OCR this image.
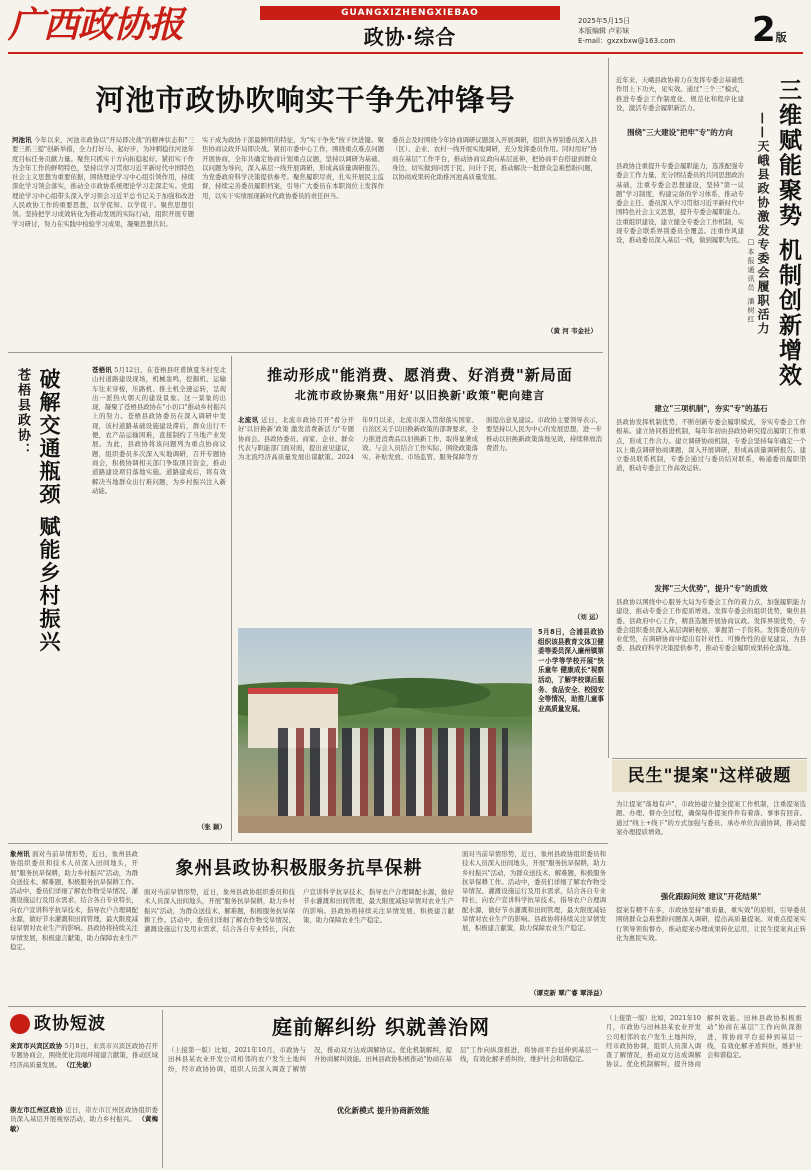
广西政协报	GUANGXIZHENGXIEBAO
政协·综合
2025年5月15日
本版编辑 卢彩妹
E-mail：gxzxbxw@163.com	2版
河池市政协吹响实干争先冲锋号
河池讯 今年以来，河池市政协以"开局即决战"的精神状态和"三要三抓三提"创新举措，全力打好马、起好步，为冲刺稳住河池年度目标任务贡献力量。聚焦只抓实干方向拓稳起好。紧扣实干作为全年工作的鲜明特色，坚持以学习贯彻习近平新时代中国特色社会主义思想为重要依据，围绕理论学习中心组引领作用，持续深化学习领会落实，推动全市政协系统理论学习走深走实。党组理论学习中心组带头深入学习领会习近平总书记关于加强和改进人民政协工作的重要思想，以学促知、以学促干。聚焦思想引领。坚持把学习成效转化为推动发展的实际行动，组织开展专题学习研讨，努力在实践中检验学习成果，凝聚思想共识。
实干成为政协干部最鲜明的特征，为"实干争先"按下快进键。聚焦协商议政开局即决战。紧扣市委中心工作，围绕重点难点问题开展协商，全年共确定协商计划重点议题，坚持以调研为基础、以问题为导向，深入基层一线开展调研，形成高质量调研报告，为党委政府科学决策提供参考。聚焦履职尽责，扎实开展民主监督，持续完善委员履职档案，引导广大委员在本职岗位上发挥作用，以实干实绩展现新时代政协委员的责任担当。
委员会及时围绕今年协商调研议题深入开展调研，组织各界别委员深入县（区）、企业、农村一线开展实地调研，充分发挥委员作用。同时用好"协商在基层"工作平台，推动协商议政向基层延伸，把协商平台搭建到群众身边，切实做到问需于民、问计于民，推动解决一批群众急难愁盼问题，以协商成果转化助推河池高质量发展。
（黄 河 韦金社）
近年来，天峨县政协着力在发挥专委会基础性作用上下功夫，见实效。通过"三个三"模式，推进专委会工作制度化、规范化和程序化建设，激活专委会履职新活力。	三维赋能聚势 机制创新增效
——天峨县政协激发专委会履职活力
□本报通讯员 潘树红
围绕"三大建设"把牢"专"的方向
县政协注重提升专委会履职能力，选准配强专委会工作力量，充分团结委员的共同思想政治基础，注重专委会思想建设，坚持"第一议题"学习制度，构建完备的学习体系，推动专委会主任、委员深入学习贯彻习近平新时代中国特色社会主义思想，提升专委会履职能力。注重组织建设，建立健全专委会工作机制，实现专委会联系界别委员全覆盖。注重作风建设，推动委员深入基层一线，做到履职为民。
建立"三项机制"，夯实"专"的基石
县政协发挥机制优势，不断创新专委会履职模式，夯实专委会工作根基。建立协同推进机制，每年年初由县政协研究提出履职工作重点，形成工作合力。建立调研协商机制，专委会坚持每年确定一个以上重点调研协商课题，深入开展调研，形成高质量调研报告。建立委员联系机制，专委会通过与委员结对联系，畅通委员履职渠道，推动专委会工作高效运转。
发挥"三大优势"，提升"专"的质效
县政协以围绕中心服务大局为专委会工作的着力点，加强履职能力建设，推动专委会工作提质增效。发挥专委会的组织优势，聚焦县委、县政府中心工作，精准选题开展协商议政。发挥界别优势，专委会组织委员深入基层调研视察，掌握第一手资料。发挥委员的专业优势，在调研协商中提出有针对性、可操作性的意见建议，为县委、县政府科学决策提供参考，推动专委会履职成果转化落地。
破解交通瓶颈 赋能乡村振兴
苍梧县政协：	苍梧讯 5月12日，在苍梧县旺甫镇夏冬村至北山村道路建设现场，机械轰鸣，挖掘机、运输车往来穿梭，压路机、推土机全速运转，呈现出一派热火朝天的建设景象。这一景象的出现，凝聚了苍梧县政协在"小切口"推动乡村振兴上的努力。苍梧县政协委员在深入调研中发现，该村道路基础设施建设滞后，群众出行不便，农产品运输困难，直接制约了当地产业发展。为此，县政协将该问题列为重点协商议题，组织委员多次深入实地调研，召开专题协商会，积极协调相关部门争取项目资金，推动道路建设项目落地实施。道路建成后，将有效解决当地群众出行难问题，为乡村振兴注入新动能。
（张 颖）
推动形成"能消费、愿消费、好消费"新局面
北流市政协聚焦"用好'以旧换新'政策"靶向建言
北流讯 近日，北流市政协召开"看分开好'以旧换新'政策 激发消费新活力"专题协商会。县政协委员、商家、企业、群众代表与职能部门面对面，提出意见建议，为北流经济高质量发展出谋献策。2024年9月以来，北流市深入贯彻落实国家、自治区关于以旧换新政策的部署要求，全力推进消费品以旧换新工作，取得显著成效。与会人员结合工作实际，围绕政策落实、补贴发放、市场监管、服务保障等方面提出意见建议。市政协主要领导表示，要坚持以人民为中心的发展思想，进一步推动以旧换新政策落地见效，持续释放消费潜力。
（刘 运）
5月8日，合浦县政协组织该县教育文体卫健委等委员深入廉州镇第一小学等学校开展"快乐童年 健康成长"视察活动，了解学校课后服务、食品安全、校园安全等情况，助推儿童事业高质量发展。
象州讯 面对当前旱情形势，近日，象州县政协组织委员和技术人员深入田间地头，开展"服务抗旱保耕，助力乡村振兴"活动，为群众送技术、解难题，积极服务抗旱保耕工作。活动中，委员们详细了解农作物受旱情况、灌溉设施运行及用水需求，结合各自专业特长，向农户宣讲科学抗旱技术，指导农户合理调配水源，做好节水灌溉和田间管理，最大限度减轻旱情对农业生产的影响。县政协将持续关注旱情发展，积极建言献策，助力保障农业生产稳定。
象州县政协积极服务抗旱保耕
面对当前旱情形势，近日，象州县政协组织委员和技术人员深入田间地头，开展"服务抗旱保耕，助力乡村振兴"活动，为群众送技术、解难题，积极服务抗旱保耕工作。活动中，委员们详细了解农作物受旱情况、灌溉设施运行及用水需求，结合各自专业特长，向农户宣讲科学抗旱技术，指导农户合理调配水源，做好节水灌溉和田间管理，最大限度减轻旱情对农业生产的影响。县政协将持续关注旱情发展，积极建言献策，助力保障农业生产稳定。
面对当前旱情形势，近日，象州县政协组织委员和技术人员深入田间地头，开展"服务抗旱保耕，助力乡村振兴"活动，为群众送技术、解难题，积极服务抗旱保耕工作。活动中，委员们详细了解农作物受旱情况、灌溉设施运行及用水需求，结合各自专业特长，向农户宣讲科学抗旱技术，指导农户合理调配水源，做好节水灌溉和田间管理，最大限度减轻旱情对农业生产的影响。县政协将持续关注旱情发展，积极建言献策，助力保障农业生产稳定。
（谭克新 覃广睿 覃泽益）
民生"提案"这样破题
为让提案"落地有声"，市政协建立健全提案工作机制，注重提案选题、办理、督办全过程，确保每件提案件件有着落、事事有回音。通过"线上+线下"的方式加强与委员、承办单位沟通协调，推动提案办理提质增效。
强化跟踪问效 建议"开花结果"
提案有精不在多，市政协坚持"重质量、重实效"的原则，引导委员围绕群众急难愁盼问题深入调研，提出高质量提案。对重点提案实行领导领衔督办，推动提案办理成果转化运用，让民生提案真正转化为惠民实效。
政协短波
来宾市兴宾区政协 5月8日，来宾市兴宾区政协召开专题协商会，围绕优化营商环境建言献策，推动区域经济高质量发展。 （江先敏）
崇左市江州区政协 近日，崇左市江州区政协组织委员深入基层开展视察活动，助力乡村振兴。 （黄梅敏）
庭前解纠纷 织就善治网
（上接第一版）比如，2021年10月，市政协与田林县某农业开发公司相邻的农户发生土地纠纷，经市政协协调，组织人员深入调查了解情况，推动双方达成调解协议。优化机制解纠，提升协商解纠效能。田林县政协积极推动"协商在基层"工作向纵深推进，将协商平台延伸到基层一线，有效化解矛盾纠纷，维护社会和谐稳定。
优化新模式 提升协商新效能
（上接第一版）比如，2021年10月，市政协与田林县某农业开发公司相邻的农户发生土地纠纷，经市政协协调，组织人员深入调查了解情况，推动双方达成调解协议。优化机制解纠，提升协商解纠效能。田林县政协积极推动"协商在基层"工作向纵深推进，将协商平台延伸到基层一线，有效化解矛盾纠纷，维护社会和谐稳定。
